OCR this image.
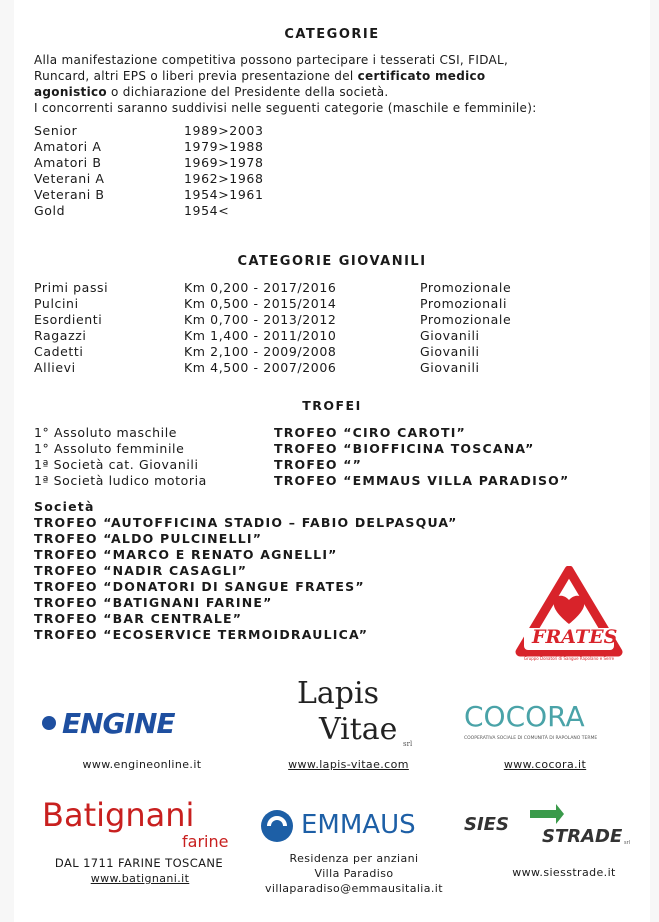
CATEGORIE
Alla manifestazione competitiva possono partecipare i tesserati CSI, FIDAL,
Runcard, altri EPS o liberi previa presentazione del certificato medico
agonistico o dichiarazione del Presidente della società.
I concorrenti saranno suddivisi nelle seguenti categorie (maschile e femminile):
Senior	1989>2003
Amatori A	1979>1988
Amatori B	1969>1978
Veterani A	1962>1968
Veterani B	1954>1961
Gold	1954<
CATEGORIE GIOVANILI
Primi passi	Km 0,200 - 2017/2016	Promozionale
Pulcini	Km 0,500 - 2015/2014	Promozionali
Esordienti	Km 0,700 - 2013/2012	Promozionale
Ragazzi	Km 1,400 - 2011/2010	Giovanili
Cadetti	Km 2,100 - 2009/2008	Giovanili
Allievi	Km 4,500 - 2007/2006	Giovanili
TROFEI
1° Assoluto maschile	TROFEO “CIRO CAROTI”
1° Assoluto femminile	TROFEO “BIOFFICINA TOSCANA”
1ª Società cat. Giovanili	TROFEO “”
1ª Società ludico motoria	TROFEO “EMMAUS VILLA PARADISO”
Società
TROFEO “AUTOFFICINA STADIO – FABIO DELPASQUA”
TROFEO “ALDO PULCINELLI”
TROFEO “MARCO E RENATO AGNELLI”
TROFEO “NADIR CASAGLI”
TROFEO “DONATORI DI SANGUE FRATES”
TROFEO “BATIGNANI FARINE”
TROFEO “BAR CENTRALE”
TROFEO “ECOSERVICE TERMOIDRAULICA”	FRATES
Gruppo Donatori di Sangue Rapolano e Serre
ENGINE
www.engineonline.it
Lapis
Vitae srl
www.lapis-vitae.com
COCORA
COOPERATIVA SOCIALE DI COMUNITÀ DI RAPOLANO TERME
www.cocora.it
Batignani
farine
DAL 1711 FARINE TOSCANE
www.batignani.it
EMMAUS
Residenza per anziani
Villa Paradiso
villaparadiso@emmausitalia.it
SIES
STRADE srl
www.siesstrade.it
